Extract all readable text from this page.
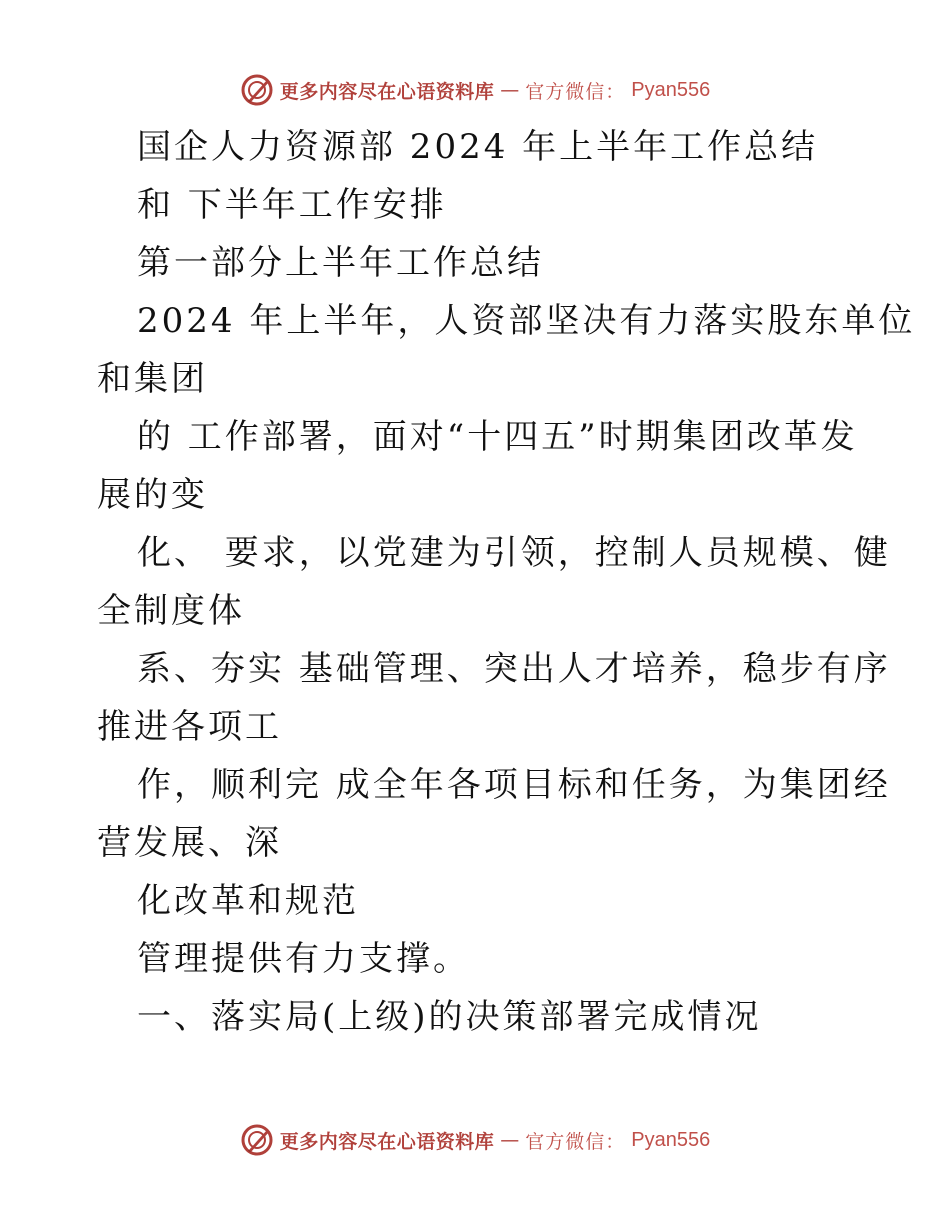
更多内容尽在心语资料库 — 官方微信： Pyan556
国企人力资源部 2024 年上半年工作总结
和 下半年工作安排
第一部分上半年工作总结
2024 年上半年，人资部坚决有力落实股东单位
和集团
的 工作部署，面对“十四五”时期集团改革发
展的变
化、 要求，以党建为引领，控制人员规模、健
全制度体
系、夯实 基础管理、突出人才培养，稳步有序
推进各项工
作，顺利完 成全年各项目标和任务，为集团经
营发展、深
化改革和规范
管理提供有力支撑。
一、落实局(上级)的决策部署完成情况
更多内容尽在心语资料库 — 官方微信： Pyan556
